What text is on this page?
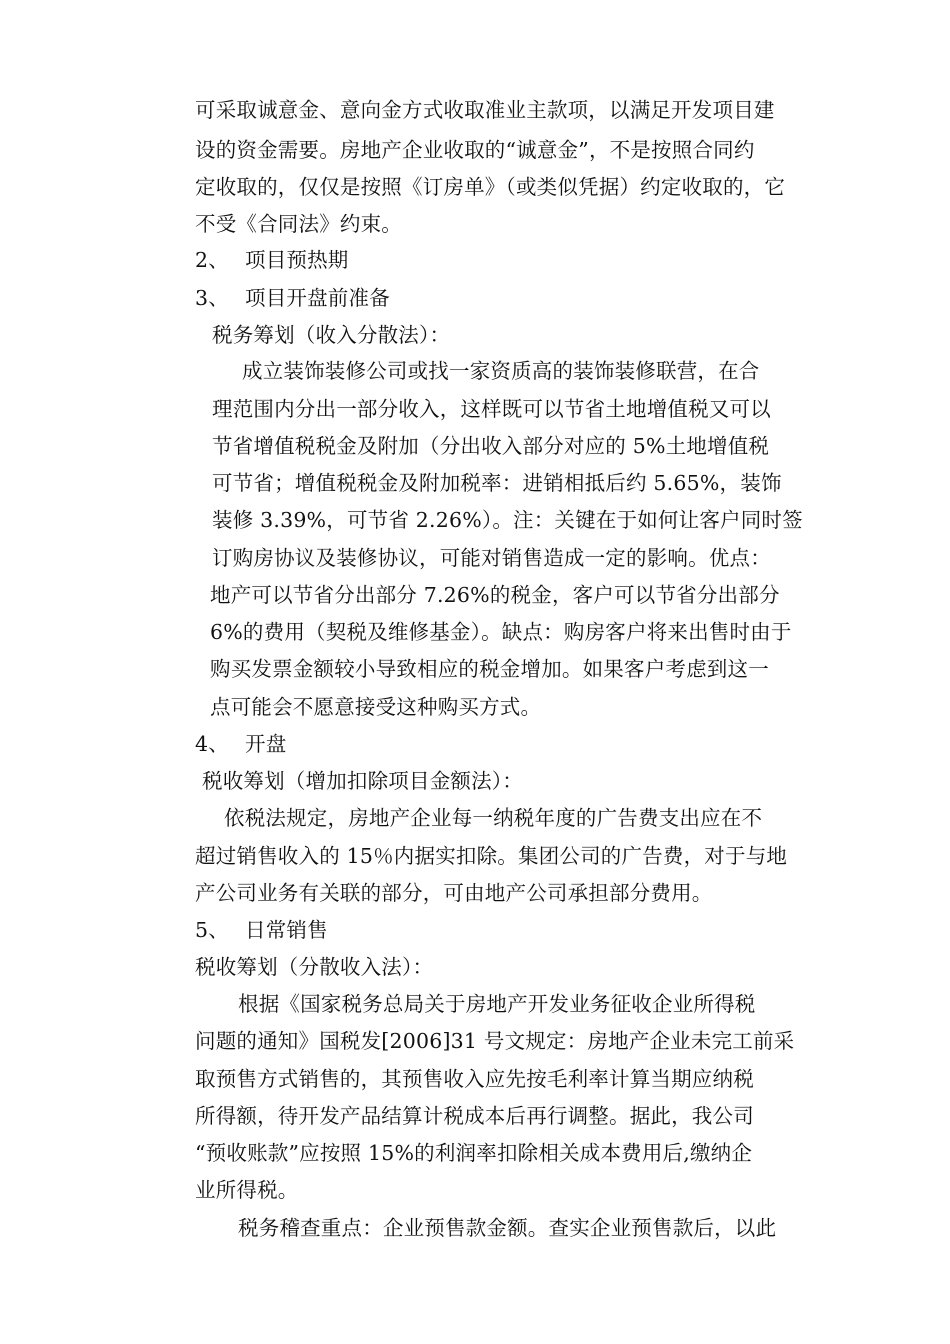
可采取诚意金、意向金方式收取准业主款项，以满足开发项目建
设的资金需要。房地产企业收取的“诚意金”，不是按照合同约
定收取的，仅仅是按照《订房单》（或类似凭据）约定收取的，它
不受《合同法》约束。
2、 项目预热期
3、 项目开盘前准备
税务筹划（收入分散法）：
成立装饰装修公司或找一家资质高的装饰装修联营，在合
理范围内分出一部分收入，这样既可以节省土地增值税又可以
节省增值税税金及附加（分出收入部分对应的 5%土地增值税
可节省；增值税税金及附加税率：进销相抵后约 5.65%，装饰
装修 3.39%，可节省 2.26%）。注：关键在于如何让客户同时签
订购房协议及装修协议，可能对销售造成一定的影响。优点：
地产可以节省分出部分 7.26%的税金，客户可以节省分出部分
6%的费用（契税及维修基金）。缺点：购房客户将来出售时由于
购买发票金额较小导致相应的税金增加。如果客户考虑到这一
点可能会不愿意接受这种购买方式。
4、 开盘
税收筹划（增加扣除项目金额法）：
依税法规定，房地产企业每一纳税年度的广告费支出应在不
超过销售收入的 15％内据实扣除。集团公司的广告费，对于与地
产公司业务有关联的部分，可由地产公司承担部分费用。
5、 日常销售
税收筹划（分散收入法）：
根据《国家税务总局关于房地产开发业务征收企业所得税
问题的通知》国税发[2006]31 号文规定：房地产企业未完工前采
取预售方式销售的，其预售收入应先按毛利率计算当期应纳税
所得额，待开发产品结算计税成本后再行调整。据此，我公司
“预收账款”应按照 15%的利润率扣除相关成本费用后,缴纳企
业所得税。
税务稽查重点：企业预售款金额。查实企业预售款后，以此
